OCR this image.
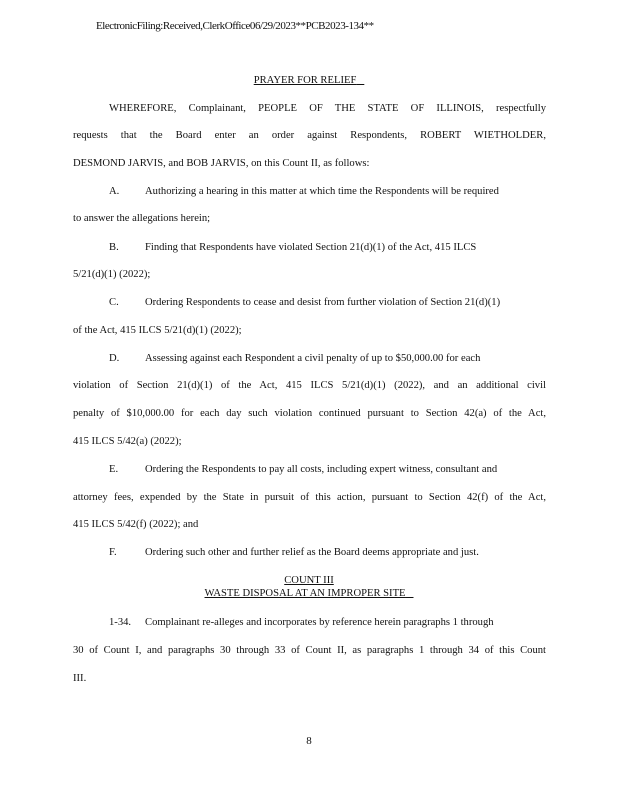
ElectronicFiling:Received,ClerkOffice06/29/2023**PCB2023-134**
PRAYER FOR RELIEF
WHEREFORE, Complainant, PEOPLE OF THE STATE OF ILLINOIS, respectfully
requests that the Board enter an order against Respondents, ROBERT WIETHOLDER,
DESMOND JARVIS, and BOB JARVIS, on this Count II, as follows:
A. Authorizing a hearing in this matter at which time the Respondents will be required
to answer the allegations herein;
B. Finding that Respondents have violated Section 21(d)(1) of the Act, 415 ILCS
5/21(d)(1) (2022);
C. Ordering Respondents to cease and desist from further violation of Section 21(d)(1)
of the Act, 415 ILCS 5/21(d)(1) (2022);
D. Assessing against each Respondent a civil penalty of up to $50,000.00 for each
violation of Section 21(d)(1) of the Act, 415 ILCS 5/21(d)(1) (2022), and an additional civil
penalty of $10,000.00 for each day such violation continued pursuant to Section 42(a) of the Act,
415 ILCS 5/42(a) (2022);
E.	Ordering the Respondents to pay all costs, including expert witness, consultant and
attorney fees, expended by the State in pursuit of this action, pursuant to Section 42(f) of the Act,
415 ILCS 5/42(f) (2022); and
F.	Ordering such other and further relief as the Board deems appropriate and just.
COUNT III
WASTE DISPOSAL AT AN IMPROPER SITE
1-34. Complainant re-alleges and incorporates by reference herein paragraphs 1 through
30 of Count I, and paragraphs 30 through 33 of Count II, as paragraphs 1 through 34 of this Count
III.
8
